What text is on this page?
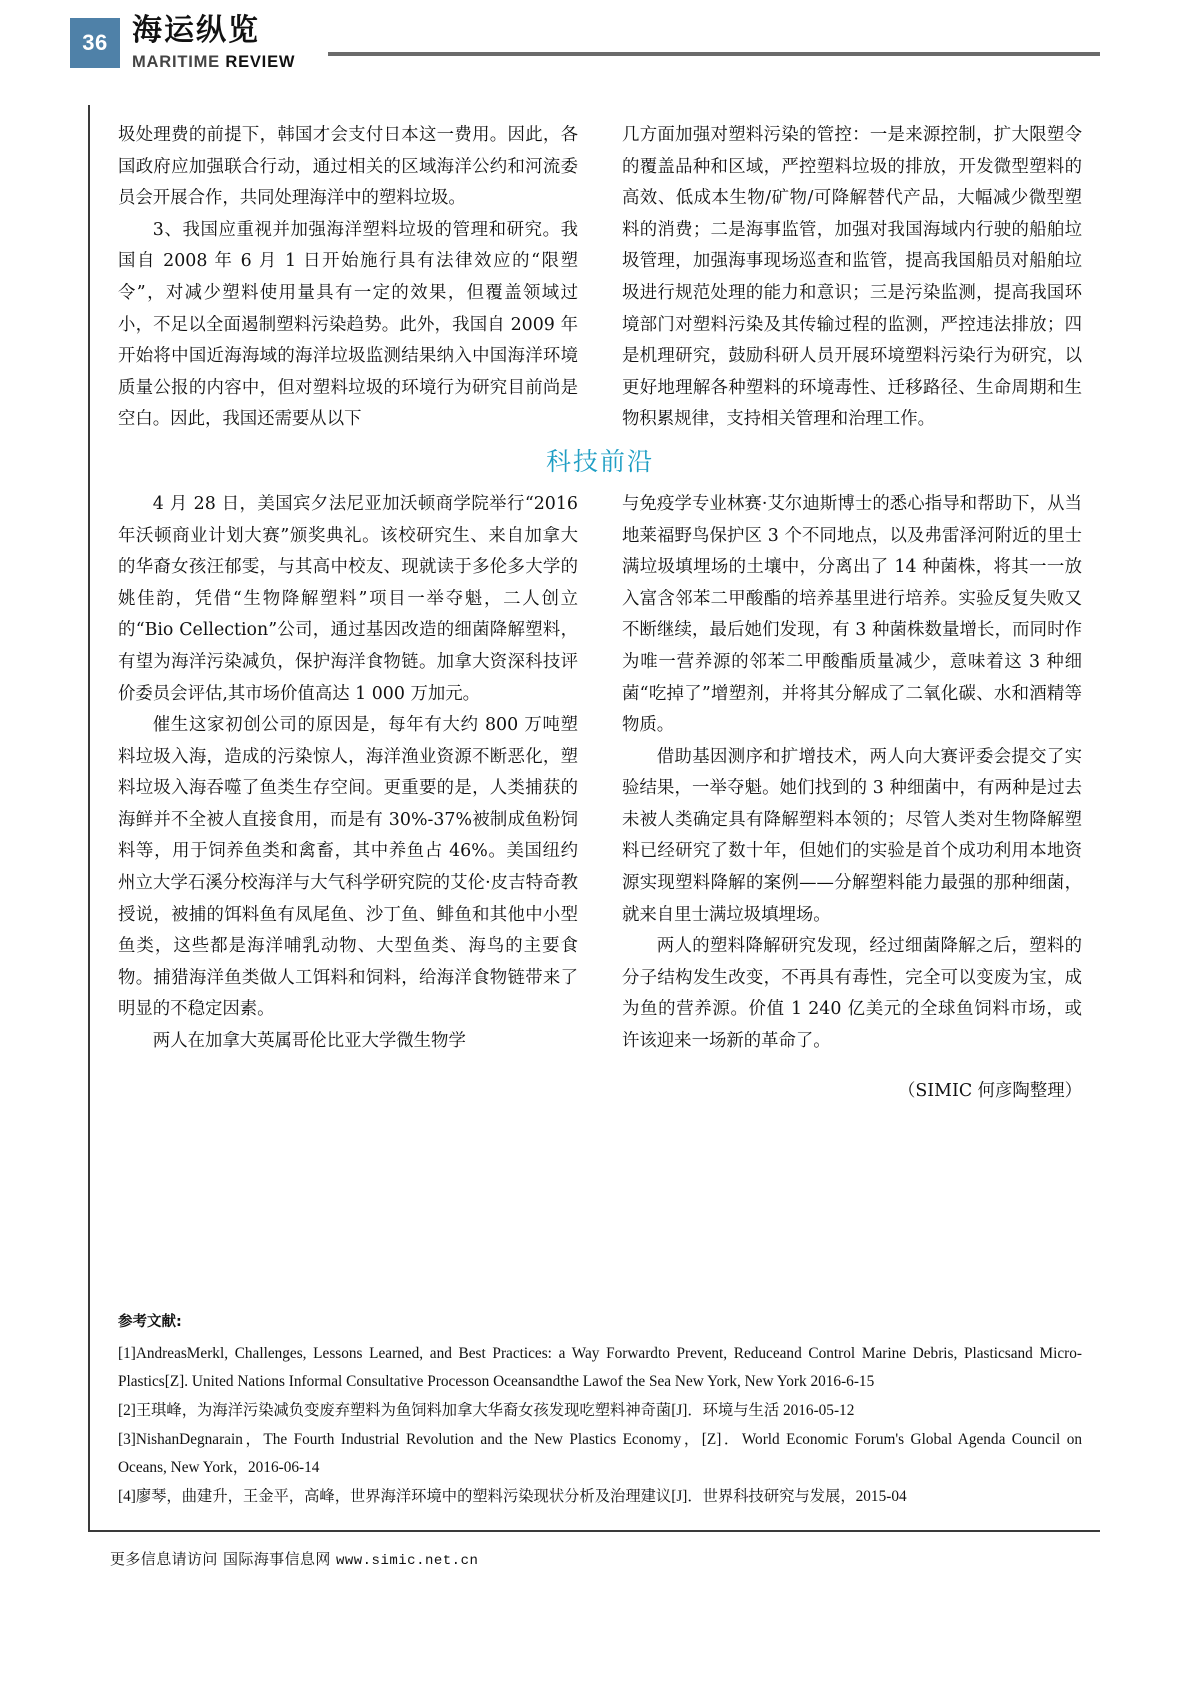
36 海运纵览
MARITIME REVIEW

圾处理费的前提下，韩国才会支付日本这一费用。因此，各国政府应加强联合行动，通过相关的区域海洋公约和河流委员会开展合作，共同处理海洋中的塑料垃圾。

3、我国应重视并加强海洋塑料垃圾的管理和研究。我国自 2008 年 6 月 1 日开始施行具有法律效应的“限塑令”，对减少塑料使用量具有一定的效果，但覆盖领域过小，不足以全面遏制塑料污染趋势。此外，我国自 2009 年开始将中国近海海域的海洋垃圾监测结果纳入中国海洋环境质量公报的内容中，但对塑料垃圾的环境行为研究目前尚是空白。因此，我国还需要从以下

几方面加强对塑料污染的管控：一是来源控制，扩大限塑令的覆盖品种和区域，严控塑料垃圾的排放，开发微型塑料的高效、低成本生物/矿物/可降解替代产品，大幅减少微型塑料的消费；二是海事监管，加强对我国海域内行驶的船舶垃圾管理，加强海事现场巡查和监管，提高我国船员对船舶垃圾进行规范处理的能力和意识；三是污染监测，提高我国环境部门对塑料污染及其传输过程的监测，严控违法排放；四是机理研究，鼓励科研人员开展环境塑料污染行为研究，以更好地理解各种塑料的环境毒性、迁移路径、生命周期和生物积累规律，支持相关管理和治理工作。

科技前沿

4 月 28 日，美国宾夕法尼亚加沃顿商学院举行“2016 年沃顿商业计划大赛”颁奖典礼。该校研究生、来自加拿大的华裔女孩汪郁雯，与其高中校友、现就读于多伦多大学的姚佳韵，凭借“生物降解塑料”项目一举夺魁，二人创立的“Bio Cellection”公司，通过基因改造的细菌降解塑料，有望为海洋污染减负，保护海洋食物链。加拿大资深科技评价委员会评估,其市场价值高达 1 000 万加元。

催生这家初创公司的原因是，每年有大约 800 万吨塑料垃圾入海，造成的污染惊人，海洋渔业资源不断恶化，塑料垃圾入海吞噬了鱼类生存空间。更重要的是，人类捕获的海鲜并不全被人直接食用，而是有 30%-37%被制成鱼粉饲料等，用于饲养鱼类和禽畜，其中养鱼占 46%。美国纽约州立大学石溪分校海洋与大气科学研究院的艾伦·皮吉特奇教授说，被捕的饵料鱼有凤尾鱼、沙丁鱼、鲱鱼和其他中小型鱼类，这些都是海洋哺乳动物、大型鱼类、海鸟的主要食物。捕猎海洋鱼类做人工饵料和饲料，给海洋食物链带来了明显的不稳定因素。

两人在加拿大英属哥伦比亚大学微生物学

与免疫学专业林赛·艾尔迪斯博士的悉心指导和帮助下，从当地莱福野鸟保护区 3 个不同地点，以及弗雷泽河附近的里士满垃圾填埋场的土壤中，分离出了 14 种菌株，将其一一放入富含邻苯二甲酸酯的培养基里进行培养。实验反复失败又不断继续，最后她们发现，有 3 种菌株数量增长，而同时作为唯一营养源的邻苯二甲酸酯质量减少，意味着这 3 种细菌“吃掉了”增塑剂，并将其分解成了二氧化碳、水和酒精等物质。

借助基因测序和扩增技术，两人向大赛评委会提交了实验结果，一举夺魁。她们找到的 3 种细菌中，有两种是过去未被人类确定具有降解塑料本领的；尽管人类对生物降解塑料已经研究了数十年，但她们的实验是首个成功利用本地资源实现塑料降解的案例——分解塑料能力最强的那种细菌，就来自里士满垃圾填埋场。

两人的塑料降解研究发现，经过细菌降解之后，塑料的分子结构发生改变，不再具有毒性，完全可以变废为宝，成为鱼的营养源。价值 1 240 亿美元的全球鱼饲料市场，或许该迎来一场新的革命了。

（SIMIC 何彦陶整理）
参考文献:
[1]AndreasMerkl, Challenges, Lessons Learned, and Best Practices: a Way Forwardto Prevent, Reduceand Control Marine Debris, Plasticsand Micro-Plastics[Z]. United Nations Informal Consultative Processon Oceansandthe Lawof the Sea New York, New York 2016-6-15
[2]王琪峰，为海洋污染减负变废弃塑料为鱼饲料加拿大华裔女孩发现吃塑料神奇菌[J]．环境与生活 2016-05-12
[3]NishanDegnarain，The Fourth Industrial Revolution and the New Plastics Economy，[Z]．World Economic Forum's Global Agenda Council on Oceans, New York，2016-06-14
[4]廖琴，曲建升，王金平，高峰，世界海洋环境中的塑料污染现状分析及治理建议[J]．世界科技研究与发展，2015-04
更多信息请访问 国际海事信息网 www.simic.net.cn
